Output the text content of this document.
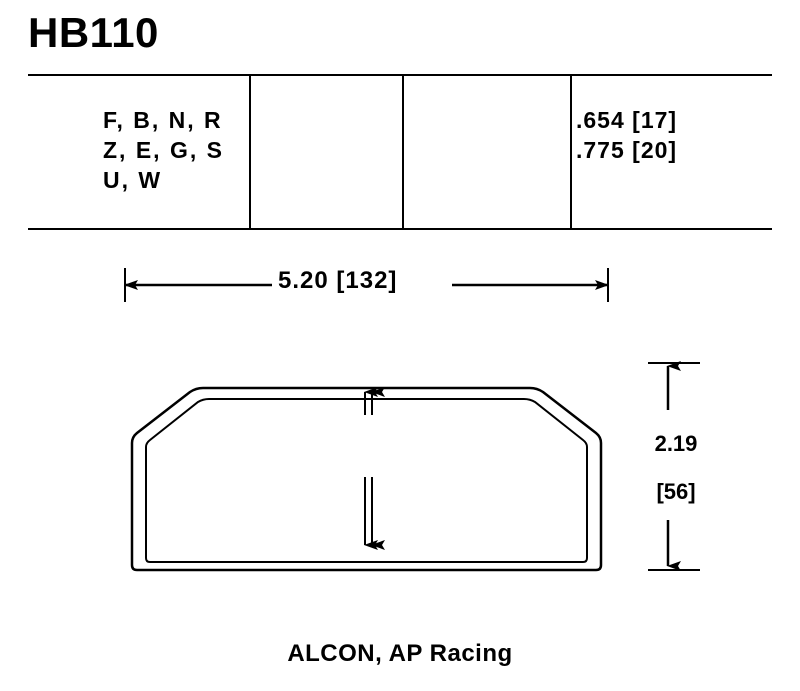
HB110
F, B, N, R
Z, E, G, S
U, W
.654 [17]
.775 [20]
5.20 [132]
2.19
[56]
ALCON, AP Racing
